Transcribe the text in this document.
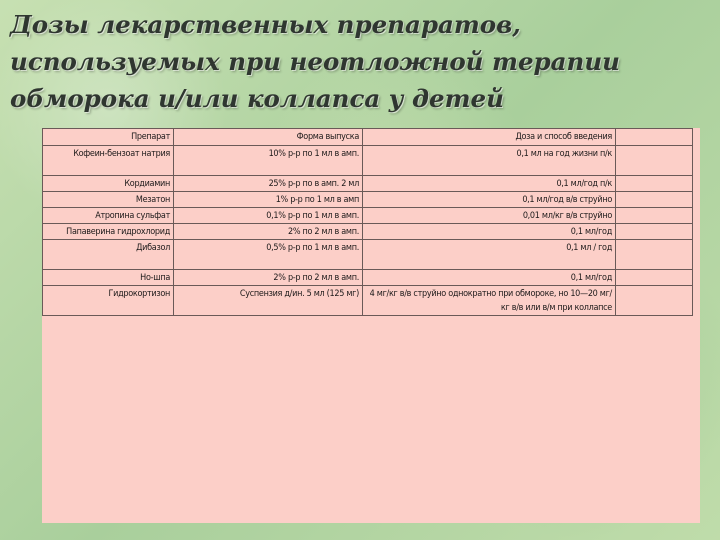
Дозы лекарственных препаратов, используемых при неотложной терапии обморока и/или коллапса у детей
Препарат	Форма выпуска	Доза и способ введения	
Кофеин-бензоат натрия	10% р-р по 1 мл в амп.	0,1 мл на год жизни п/к	
Кордиамин	25% р-р по в амп. 2 мл	0,1 мл/год п/к	
Мезатон	1% р-р по 1 мл в амп	0,1 мл/год в/в струйно	
Атропина сульфат	0,1% р-р по 1 мл в амп.	0,01 мл/кг в/в струйно	
Папаверина гидрохлорид	2% по 2 мл в амп.	0,1 мл/год	
Дибазол	0,5% р-р по 1 мл в амп.	0,1 мл / год	
Но-шпа	2% р-р по 2 мл в амп.	0,1 мл/год	
Гидрокортизон	Суспензия д/ин. 5 мл (125 мг)	4 мг/кг в/в струйно однократно при обмороке, но 10—20 мг/кг в/в или в/м при коллапсе	
